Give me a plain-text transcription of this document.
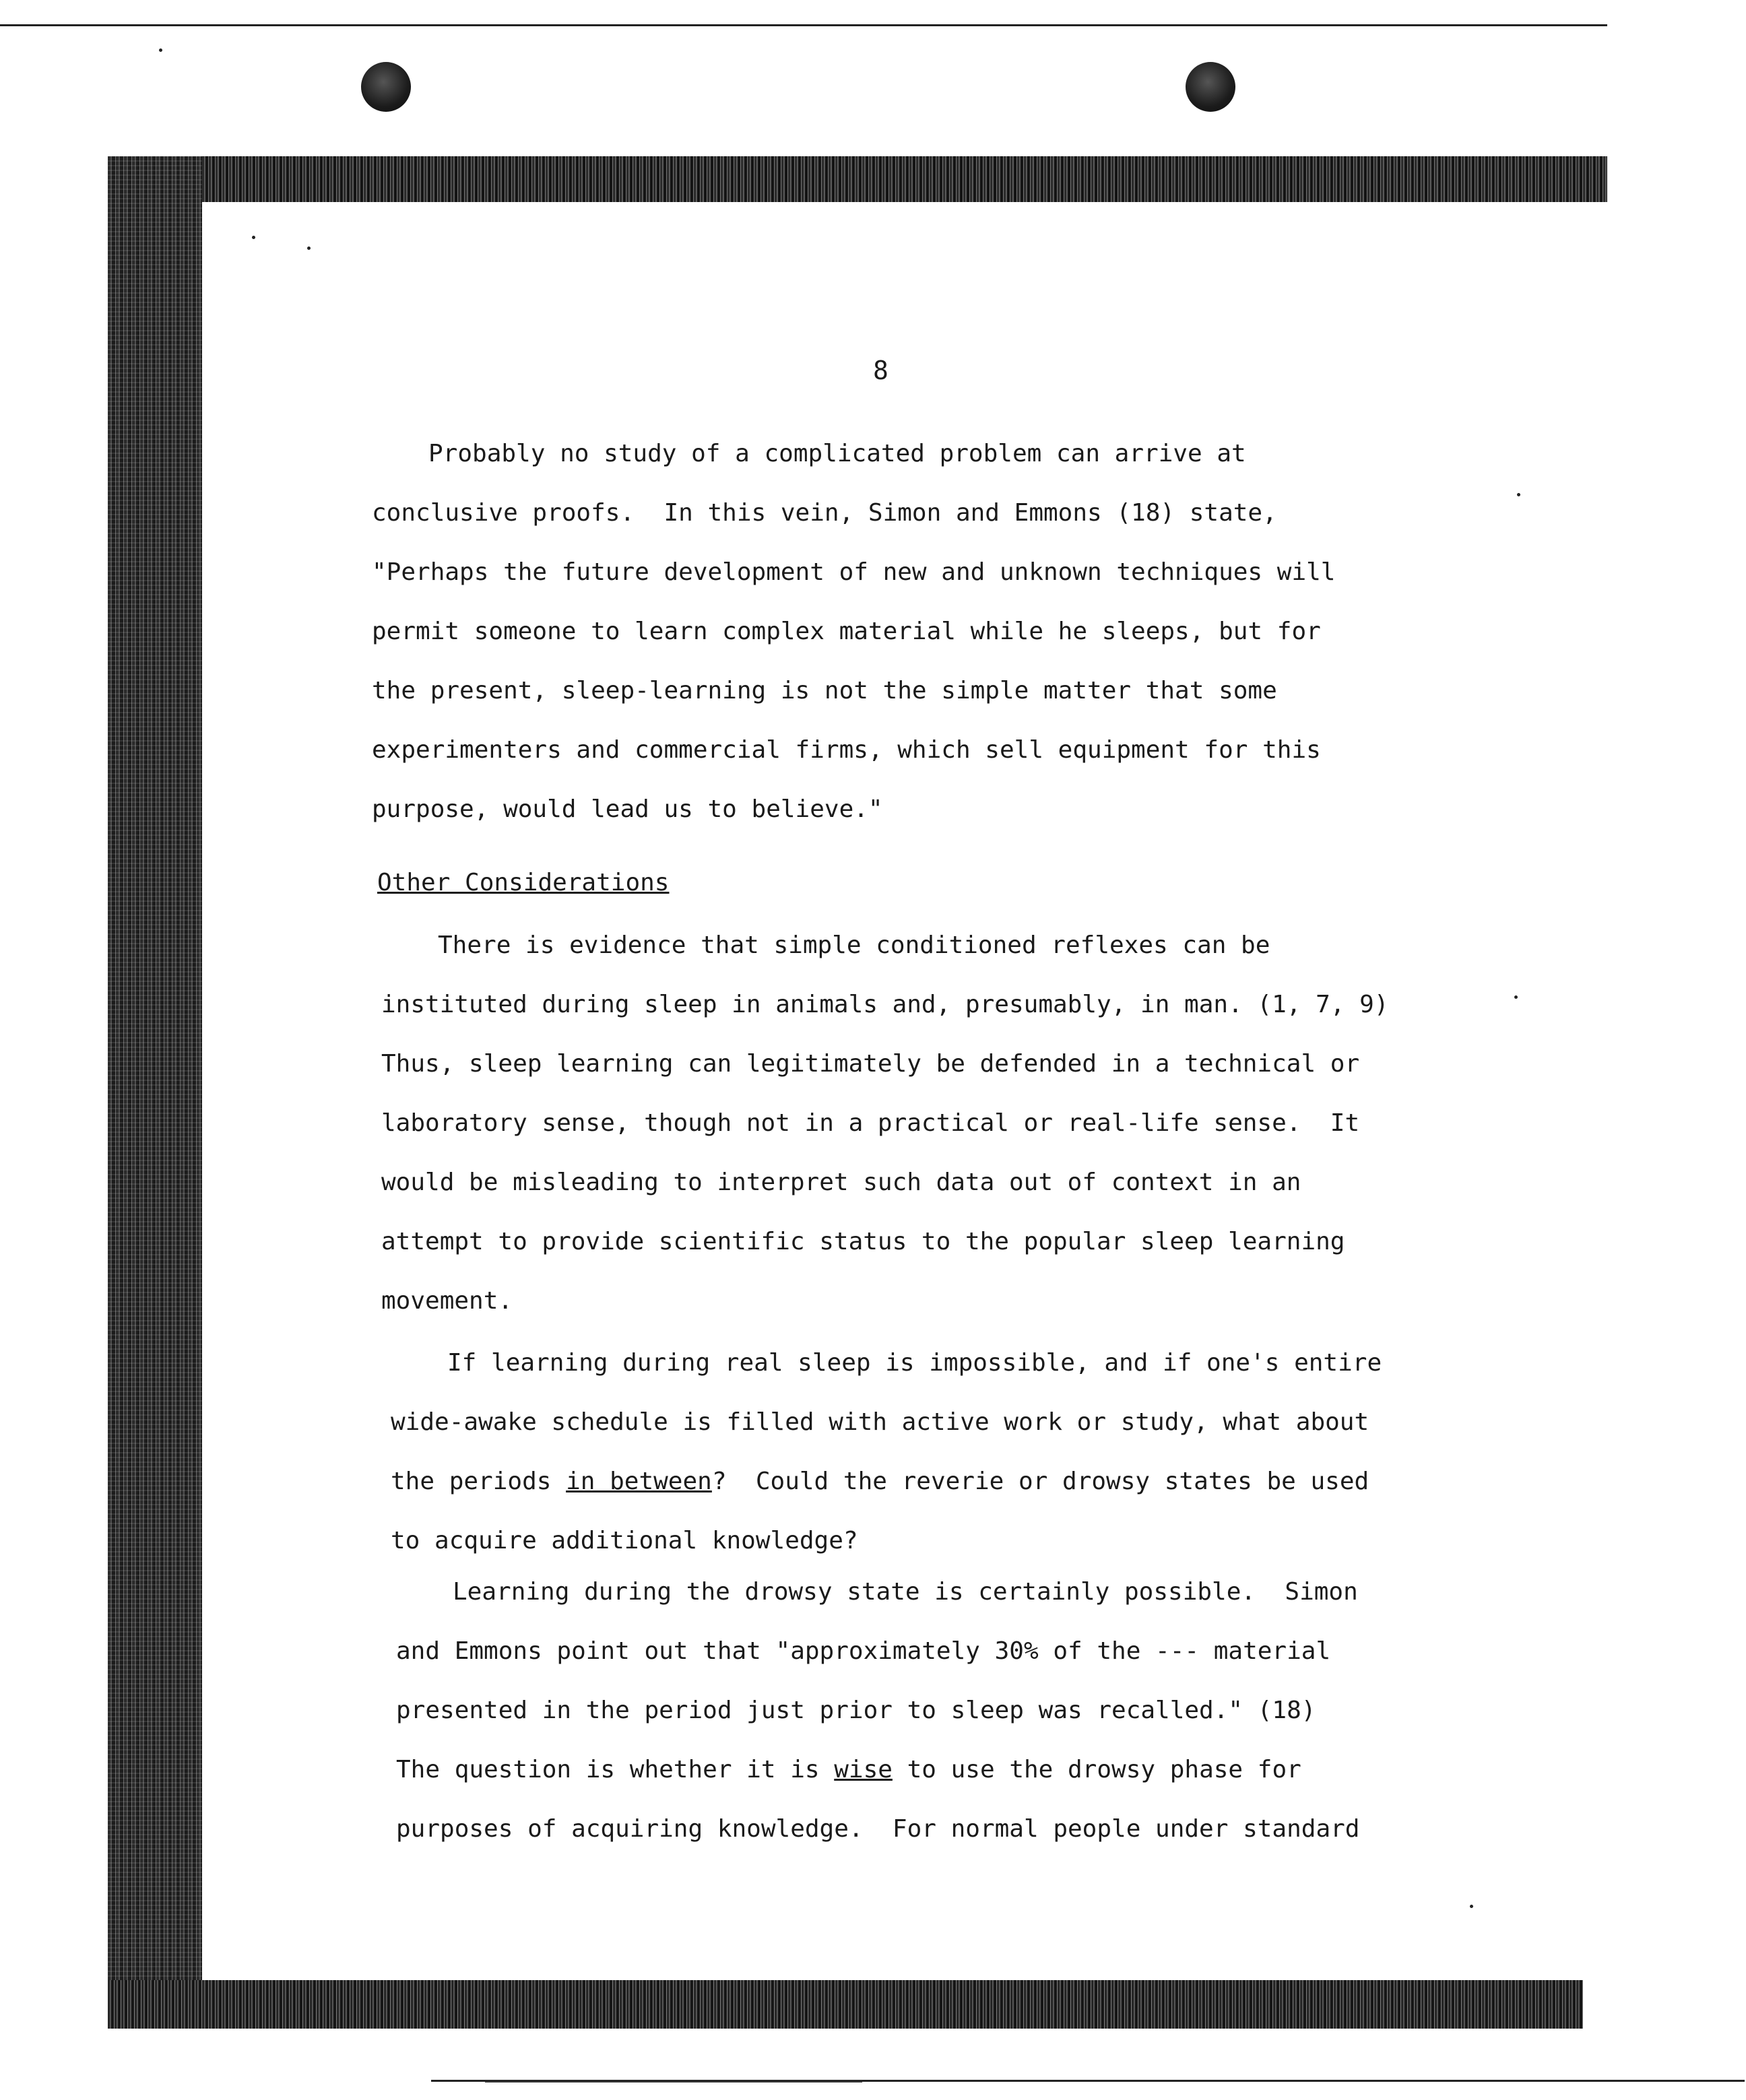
8
Probably no study of a complicated problem can arrive at
conclusive proofs.  In this vein, Simon and Emmons (18) state,
"Perhaps the future development of new and unknown techniques will
permit someone to learn complex material while he sleeps, but for
the present, sleep-learning is not the simple matter that some
experimenters and commercial firms, which sell equipment for this
purpose, would lead us to believe."
Other Considerations
There is evidence that simple conditioned reflexes can be
instituted during sleep in animals and, presumably, in man. (1, 7, 9)
Thus, sleep learning can legitimately be defended in a technical or
laboratory sense, though not in a practical or real-life sense.  It
would be misleading to interpret such data out of context in an
attempt to provide scientific status to the popular sleep learning
movement.
If learning during real sleep is impossible, and if one's entire
wide-awake schedule is filled with active work or study, what about
the periods in between?  Could the reverie or drowsy states be used
to acquire additional knowledge?
Learning during the drowsy state is certainly possible.  Simon
and Emmons point out that "approximately 30% of the --- material
presented in the period just prior to sleep was recalled." (18)
The question is whether it is wise to use the drowsy phase for
purposes of acquiring knowledge.  For normal people under standard
